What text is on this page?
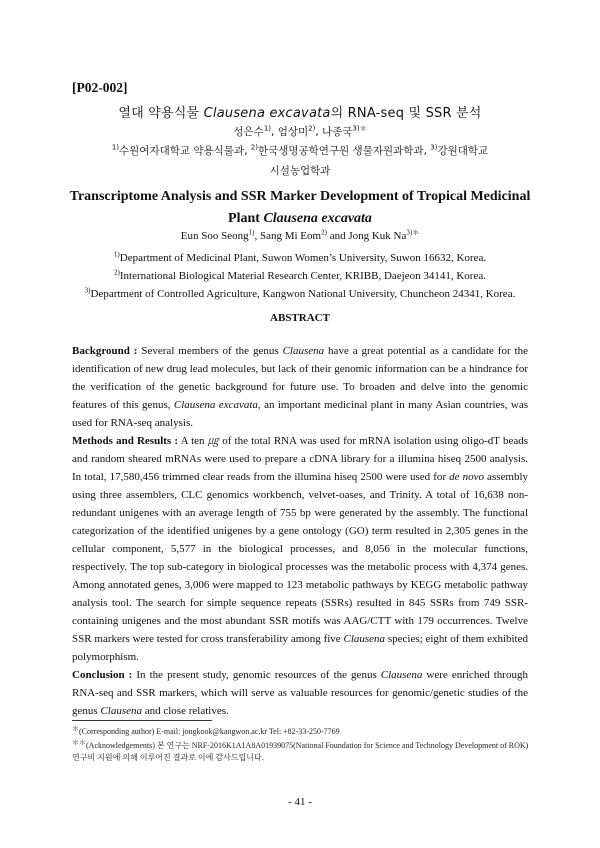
[P02-002]
열대 약용식물 Clausena excavata의 RNA-seq 및 SSR 분석
성은수$^{1)}$, 엄상미$^{2)}$, 나종국$^{3)*}$
$^{1)}$수원여자대학교 약용식물과, $^{2)}$한국생명공학연구원 생물자원과학과, $^{3)}$강원대학교
시설농업학과
Transcriptome Analysis and SSR Marker Development of Tropical Medicinal
Plant Clausena excavata
Eun Soo Seong$^{1)}$, Sang Mi Eom$^{2)}$ and Jong Kuk $Na^{3)*}$
$^{1)}$Department of Medicinal Plant, Suwon Women’s University, Suwon 16632, Korea.
$^{2)}$International Biological Material Research Center, KRIBB, Daejeon 34141, Korea.
$^{3)}$Department of Controlled Agriculture, Kangwon National University, Chuncheon 24341, Korea.
ABSTRACT

Background : Several members of the genus Clausena have a great potential as a candidate for the identification of new drug lead molecules, but lack of their genomic information can be a hindrance for the verification of the genetic background for future use. To broaden and delve into the genomic features of this genus, Clausena excavata, an important medicinal plant in many Asian countries, was used for RNA-seq analysis.

Methods and Results : A ten ㎍ of the total RNA was used for mRNA isolation using oligo-dT beads and random sheared mRNAs were used to prepare a cDNA library for a illumina hiseq 2500 analysis. In total, 17,580,456 trimmed clear reads from the illumina hiseq 2500 were used for de novo assembly using three assemblers, CLC genomics workbench, velvet-oases, and Trinity. A total of 16,638 non-redundant unigenes with an average length of 755 bp were generated by the assembly. The functional categorization of the identified unigenes by a gene ontology (GO) term resulted in 2,305 genes in the cellular component, 5,577 in the biological processes, and 8,056 in the molecular functions, respectively. The top sub-category in biological processes was the metabolic process with 4,374 genes. Among annotated genes, 3,006 were mapped to 123 metabolic pathways by KEGG metabolic pathway analysis tool. The search for simple sequence repeats (SSRs) resulted in 845 SSRs from 749 SSR-containing unigenes and the most abundant SSR motifs was AAG/CTT with 179 occurrences. Twelve SSR markers were tested for cross transferability among five Clausena species; eight of them exhibited polymorphism.

Conclusion : In the present study, genomic resources of the genus Clausena were enriched through RNA-seq and SSR markers, which will serve as valuable resources for genomic/genetic studies of the genus Clausena and close relatives.

＊(Corresponding author) E-mail: jongkook@kangwon.ac.kr Tel: +82-33-250-7769
＊＊(Acknowledgements) 본 연구는 NRF-2016K1A1A8A01939075(National Foundation for Science and Technology Development of ROK)연구비 지원에 의해 이루어진 결과로 이에 감사드립니다.
- 41 -
